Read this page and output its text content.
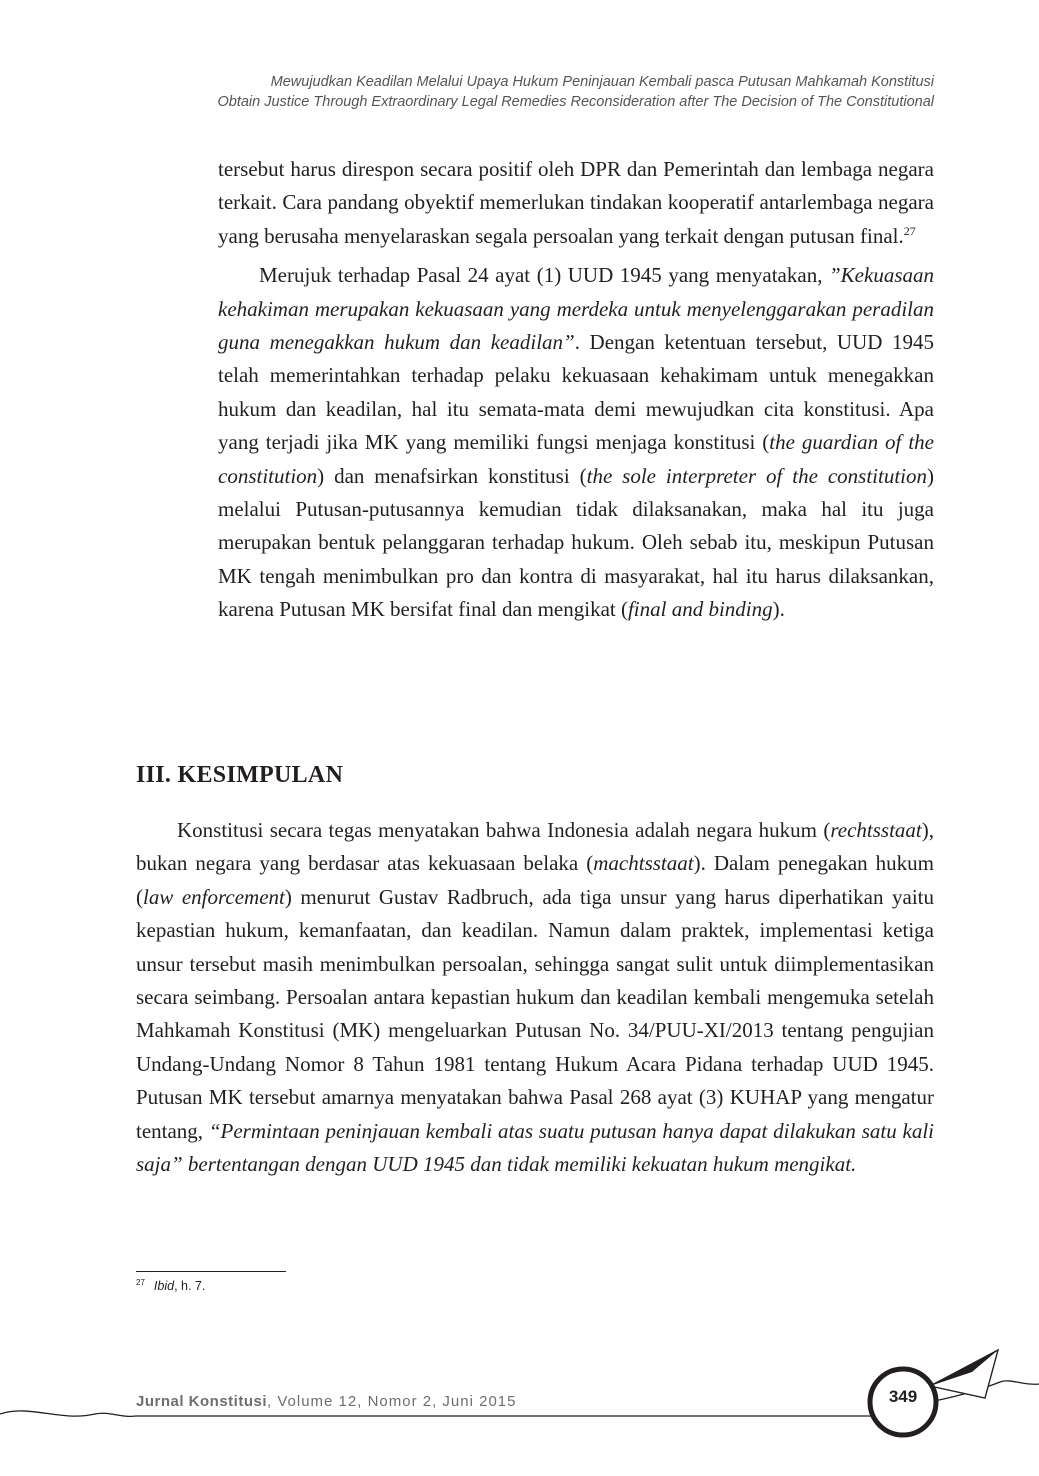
Mewujudkan Keadilan Melalui Upaya Hukum Peninjauan Kembali pasca Putusan Mahkamah Konstitusi
Obtain Justice Through Extraordinary Legal Remedies Reconsideration after The Decision of The Constitutional

tersebut harus direspon secara positif oleh DPR dan Pemerintah dan lembaga negara terkait. Cara pandang obyektif memerlukan tindakan kooperatif antarlembaga negara yang berusaha menyelaraskan segala persoalan yang terkait dengan putusan final.$^{27}$

Merujuk terhadap Pasal 24 ayat (1) UUD 1945 yang menyatakan, ”Kekuasaan kehakiman merupakan kekuasaan yang merdeka untuk menyelenggarakan peradilan guna menegakkan hukum dan keadilan”. Dengan ketentuan tersebut, UUD 1945 telah memerintahkan terhadap pelaku kekuasaan kehakimam untuk menegakkan hukum dan keadilan, hal itu semata-mata demi mewujudkan cita konstitusi. Apa yang terjadi jika MK yang memiliki fungsi menjaga konstitusi (the guardian of the constitution) dan menafsirkan konstitusi (the sole interpreter of the constitution) melalui Putusan-putusannya kemudian tidak dilaksanakan, maka hal itu juga merupakan bentuk pelanggaran terhadap hukum. Oleh sebab itu, meskipun Putusan MK tengah menimbulkan pro dan kontra di masyarakat, hal itu harus dilaksankan, karena Putusan MK bersifat final dan mengikat (final and binding).

III. KESIMPULAN

Konstitusi secara tegas menyatakan bahwa Indonesia adalah negara hukum (rechtsstaat), bukan negara yang berdasar atas kekuasaan belaka (machtsstaat). Dalam penegakan hukum (law enforcement) menurut Gustav Radbruch, ada tiga unsur yang harus diperhatikan yaitu kepastian hukum, kemanfaatan, dan keadilan. Namun dalam praktek, implementasi ketiga unsur tersebut masih menimbulkan persoalan, sehingga sangat sulit untuk diimplementasikan secara seimbang. Persoalan antara kepastian hukum dan keadilan kembali mengemuka setelah Mahkamah Konstitusi (MK) mengeluarkan Putusan No. 34/PUU-XI/2013 tentang pengujian Undang-Undang Nomor 8 Tahun 1981 tentang Hukum Acara Pidana terhadap UUD 1945. Putusan MK tersebut amarnya menyatakan bahwa Pasal 268 ayat (3) KUHAP yang mengatur tentang, “Permintaan peninjauan kembali atas suatu putusan hanya dapat dilakukan satu kali saja” bertentangan dengan UUD 1945 dan tidak memiliki kekuatan hukum mengikat.

$^{27}$ Ibid, h. 7.
349
Jurnal Konstitusi, Volume 12, Nomor 2, Juni 2015
